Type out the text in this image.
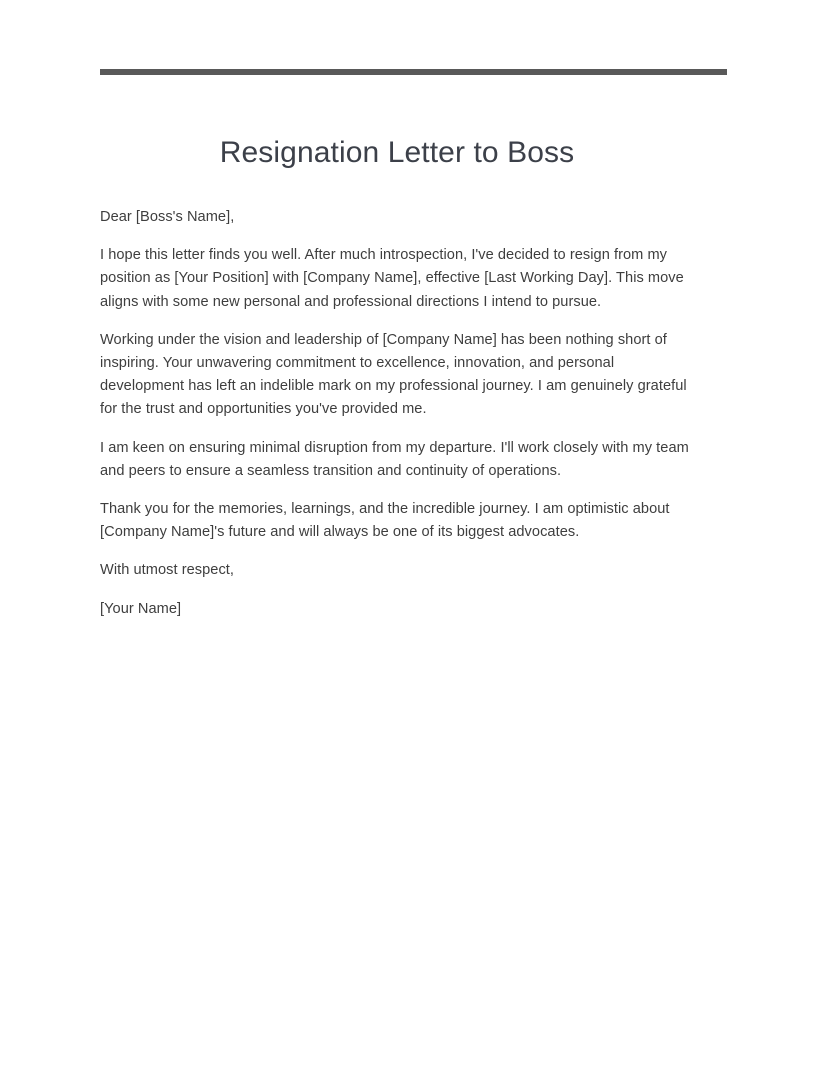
Resignation Letter to Boss

Dear [Boss's Name],

I hope this letter finds you well. After much introspection, I've decided to resign from my position as [Your Position] with [Company Name], effective [Last Working Day]. This move aligns with some new personal and professional directions I intend to pursue.

Working under the vision and leadership of [Company Name] has been nothing short of inspiring. Your unwavering commitment to excellence, innovation, and personal development has left an indelible mark on my professional journey. I am genuinely grateful for the trust and opportunities you've provided me.

I am keen on ensuring minimal disruption from my departure. I'll work closely with my team and peers to ensure a seamless transition and continuity of operations.

Thank you for the memories, learnings, and the incredible journey. I am optimistic about [Company Name]'s future and will always be one of its biggest advocates.

With utmost respect,

[Your Name]
